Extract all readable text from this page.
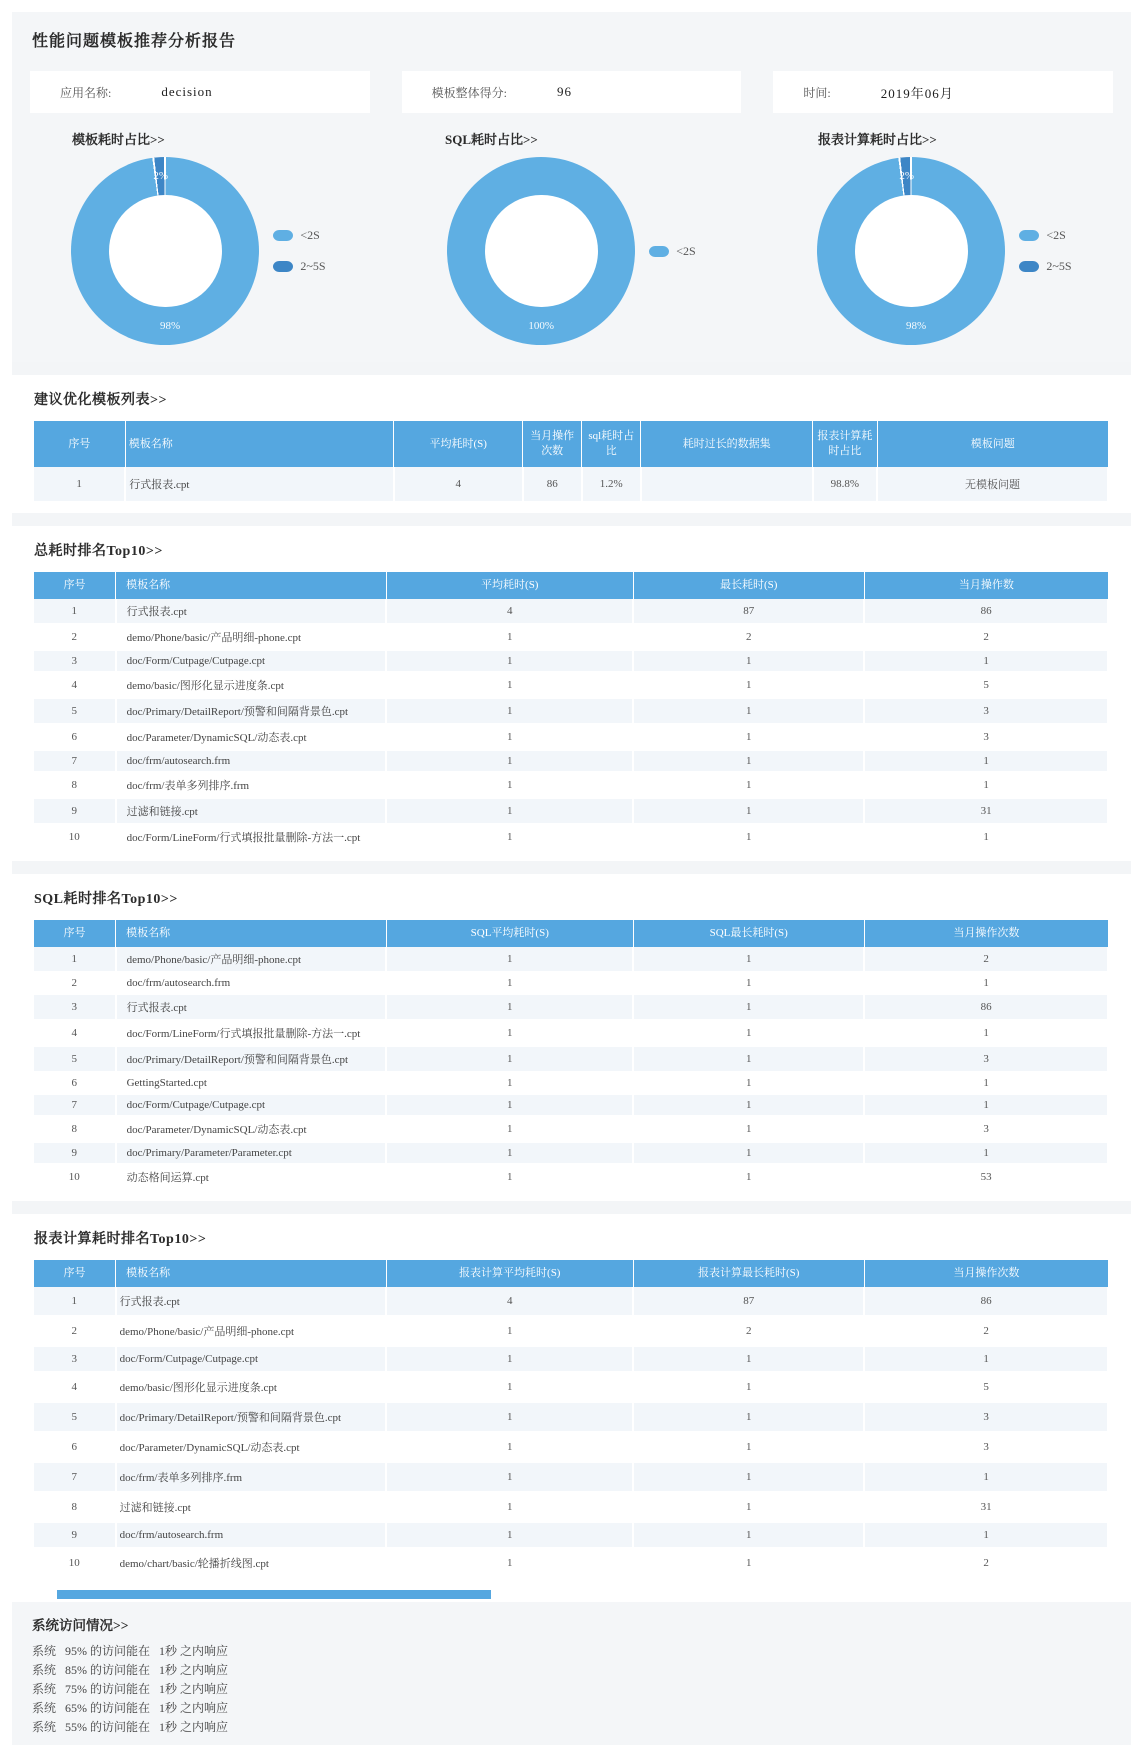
性能问题模板推荐分析报告
应用名称:	decision	模板整体得分:	96	时间:	2019年06月
模板耗时占比>>
98%
2%
<2S
2~5S
SQL耗时占比>>
100%
<2S
报表计算耗时占比>>
98%
2%
<2S
2~5S
建议优化模板列表>>
序号	模板名称	平均耗时(S)	当月操作次数	sql耗时占比	耗时过长的数据集	报表计算耗时占比	模板问题
1	行式报表.cpt	4	86	1.2%		98.8%	无模板问题
总耗时排名Top10>>
序号	模板名称	平均耗时(S)	最长耗时(S)	当月操作数
1	行式报表.cpt	4	87	86
2	demo/Phone/basic/产品明细-phone.cpt	1	2	2
3	doc/Form/Cutpage/Cutpage.cpt	1	1	1
4	demo/basic/图形化显示进度条.cpt	1	1	5
5	doc/Primary/DetailReport/预警和间隔背景色.cpt	1	1	3
6	doc/Parameter/DynamicSQL/动态表.cpt	1	1	3
7	doc/frm/autosearch.frm	1	1	1
8	doc/frm/表单多列排序.frm	1	1	1
9	过滤和链接.cpt	1	1	31
10	doc/Form/LineForm/行式填报批量删除-方法一.cpt	1	1	1
SQL耗时排名Top10>>
序号	模板名称	SQL平均耗时(S)	SQL最长耗时(S)	当月操作次数
1	demo/Phone/basic/产品明细-phone.cpt	1	1	2
2	doc/frm/autosearch.frm	1	1	1
3	行式报表.cpt	1	1	86
4	doc/Form/LineForm/行式填报批量删除-方法一.cpt	1	1	1
5	doc/Primary/DetailReport/预警和间隔背景色.cpt	1	1	3
6	GettingStarted.cpt	1	1	1
7	doc/Form/Cutpage/Cutpage.cpt	1	1	1
8	doc/Parameter/DynamicSQL/动态表.cpt	1	1	3
9	doc/Primary/Parameter/Parameter.cpt	1	1	1
10	动态格间运算.cpt	1	1	53
报表计算耗时排名Top10>>
序号	模板名称	报表计算平均耗时(S)	报表计算最长耗时(S)	当月操作次数
1	行式报表.cpt	4	87	86
2	demo/Phone/basic/产品明细-phone.cpt	1	2	2
3	doc/Form/Cutpage/Cutpage.cpt	1	1	1
4	demo/basic/图形化显示进度条.cpt	1	1	5
5	doc/Primary/DetailReport/预警和间隔背景色.cpt	1	1	3
6	doc/Parameter/DynamicSQL/动态表.cpt	1	1	3
7	doc/frm/表单多列排序.frm	1	1	1
8	过滤和链接.cpt	1	1	31
9	doc/frm/autosearch.frm	1	1	1
10	demo/chart/basic/轮播折线图.cpt	1	1	2
系统访问情况>>
系统   95% 的访问能在   1秒 之内响应
系统   85% 的访问能在   1秒 之内响应
系统   75% 的访问能在   1秒 之内响应
系统   65% 的访问能在   1秒 之内响应
系统   55% 的访问能在   1秒 之内响应
